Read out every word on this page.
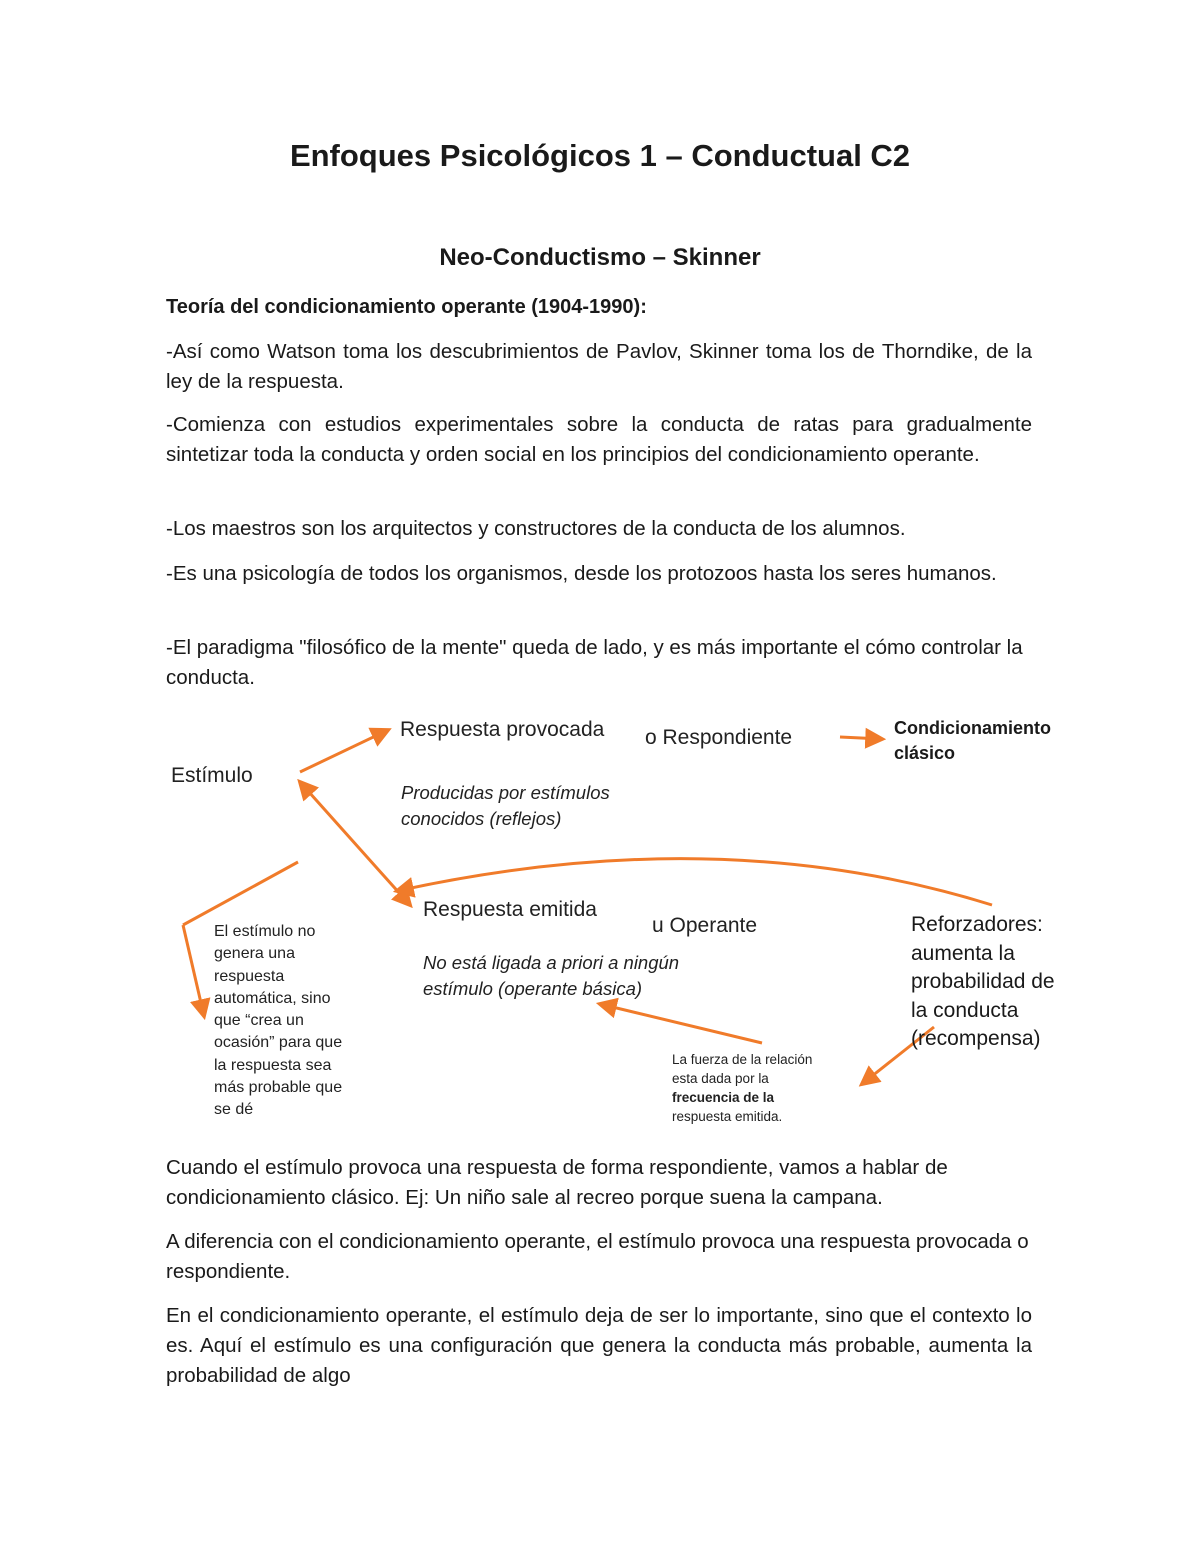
Enfoques Psicológicos 1 – Conductual C2
Neo-Conductismo – Skinner
Teoría del condicionamiento operante (1904-1990):
-Así como Watson toma los descubrimientos de Pavlov, Skinner toma los de Thorndike, de la ley de la respuesta.
-Comienza con estudios experimentales sobre la conducta de ratas para gradualmente sintetizar toda la conducta y orden social en los principios del condicionamiento operante.
-Los maestros son los arquitectos y constructores de la conducta de los alumnos.
-Es una psicología de todos los organismos, desde los protozoos hasta los seres humanos.
-El paradigma "filosófico de la mente" queda de lado, y es más importante el cómo controlar la conducta.
Estímulo
Respuesta provocada o Respondiente	Condicionamiento
clásico
Producidas por estímulos
conocidos (reflejos)
Respuesta emitida
u Operante
No está ligada a priori a ningún
estímulo (operante básica)
Reforzadores:
aumenta la
probabilidad de
la conducta
(recompensa)
El estímulo no
genera una
respuesta
automática, sino
que “crea un
ocasión” para que
la respuesta sea
más probable que
se dé
La fuerza de la relación
esta dada por la
frecuencia de la
respuesta emitida.
Cuando el estímulo provoca una respuesta de forma respondiente, vamos a hablar de condicionamiento clásico. Ej: Un niño sale al recreo porque suena la campana.
A diferencia con el condicionamiento operante, el estímulo provoca una respuesta provocada o respondiente.
En el condicionamiento operante, el estímulo deja de ser lo importante, sino que el contexto lo es. Aquí el estímulo es una configuración que genera la conducta más probable, aumenta la probabilidad de algo
